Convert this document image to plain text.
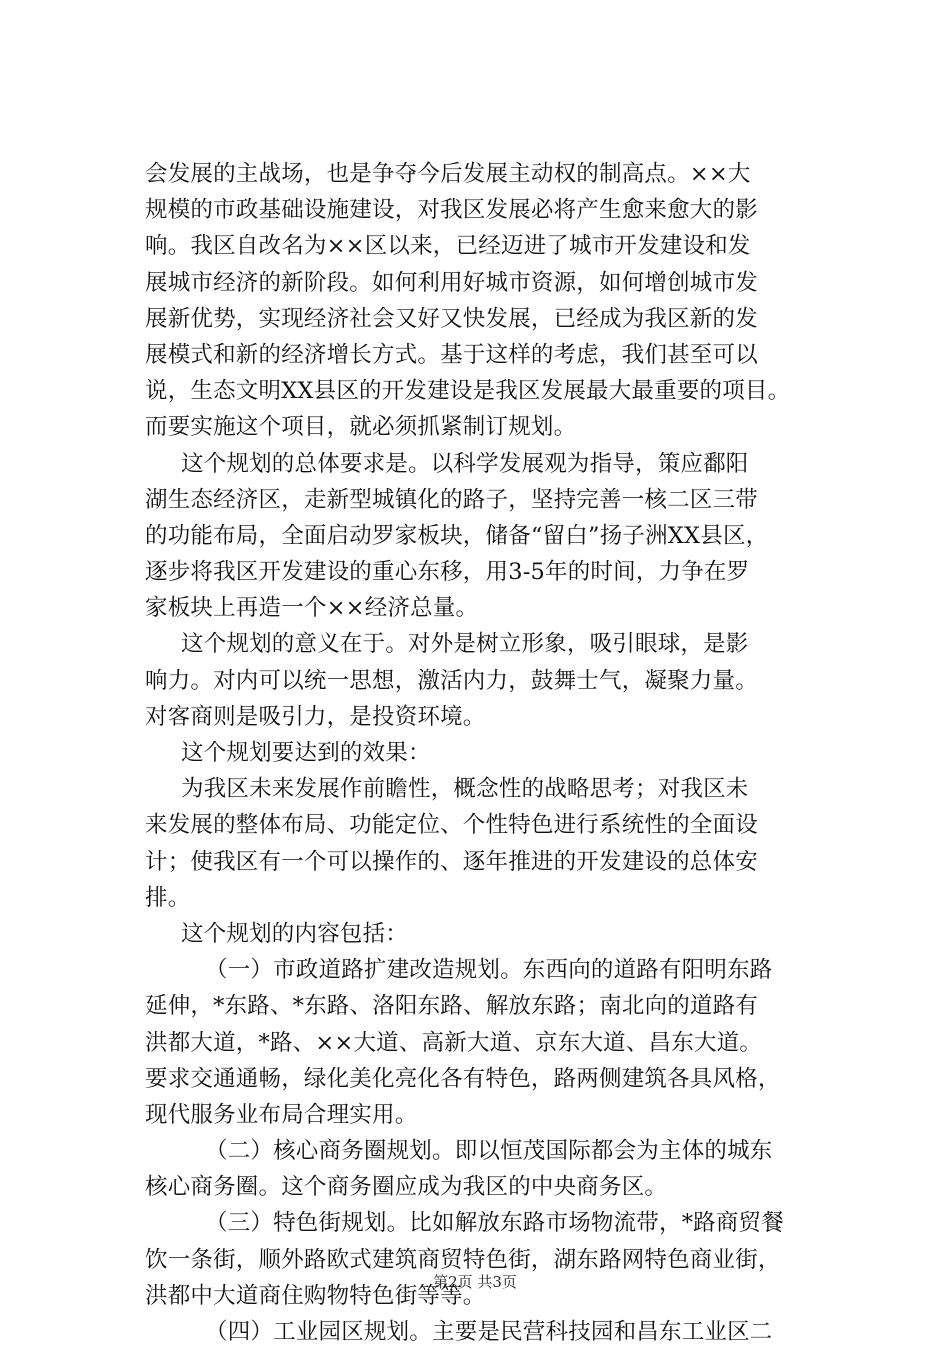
会发展的主战场，也是争夺今后发展主动权的制高点。××大
规模的市政基础设施建设，对我区发展必将产生愈来愈大的影
响。我区自改名为××区以来，已经迈进了城市开发建设和发
展城市经济的新阶段。如何利用好城市资源，如何增创城市发
展新优势，实现经济社会又好又快发展，已经成为我区新的发
展模式和新的经济增长方式。基于这样的考虑，我们甚至可以
说，生态文明XX县区的开发建设是我区发展最大最重要的项目。
而要实施这个项目，就必须抓紧制订规划。
这个规划的总体要求是。以科学发展观为指导，策应鄱阳
湖生态经济区，走新型城镇化的路子，坚持完善一核二区三带
的功能布局，全面启动罗家板块，储备“留白”扬子洲XX县区，
逐步将我区开发建设的重心东移，用3-5年的时间，力争在罗
家板块上再造一个××经济总量。
这个规划的意义在于。对外是树立形象，吸引眼球，是影
响力。对内可以统一思想，激活内力，鼓舞士气，凝聚力量。
对客商则是吸引力，是投资环境。
这个规划要达到的效果：
为我区未来发展作前瞻性，概念性的战略思考；对我区未
来发展的整体布局、功能定位、个性特色进行系统性的全面设
计；使我区有一个可以操作的、逐年推进的开发建设的总体安
排。
这个规划的内容包括：
（一）市政道路扩建改造规划。东西向的道路有阳明东路
延伸，*东路、*东路、洛阳东路、解放东路；南北向的道路有
洪都大道，*路、××大道、高新大道、京东大道、昌东大道。
要求交通通畅，绿化美化亮化各有特色，路两侧建筑各具风格，
现代服务业布局合理实用。
（二）核心商务圈规划。即以恒茂国际都会为主体的城东
核心商务圈。这个商务圈应成为我区的中央商务区。
（三）特色街规划。比如解放东路市场物流带，*路商贸餐
饮一条街，顺外路欧式建筑商贸特色街，湖东路网特色商业街，
洪都中大道商住购物特色街等等。
（四）工业园区规划。主要是民营科技园和昌东工业区二
第2页 共3页
